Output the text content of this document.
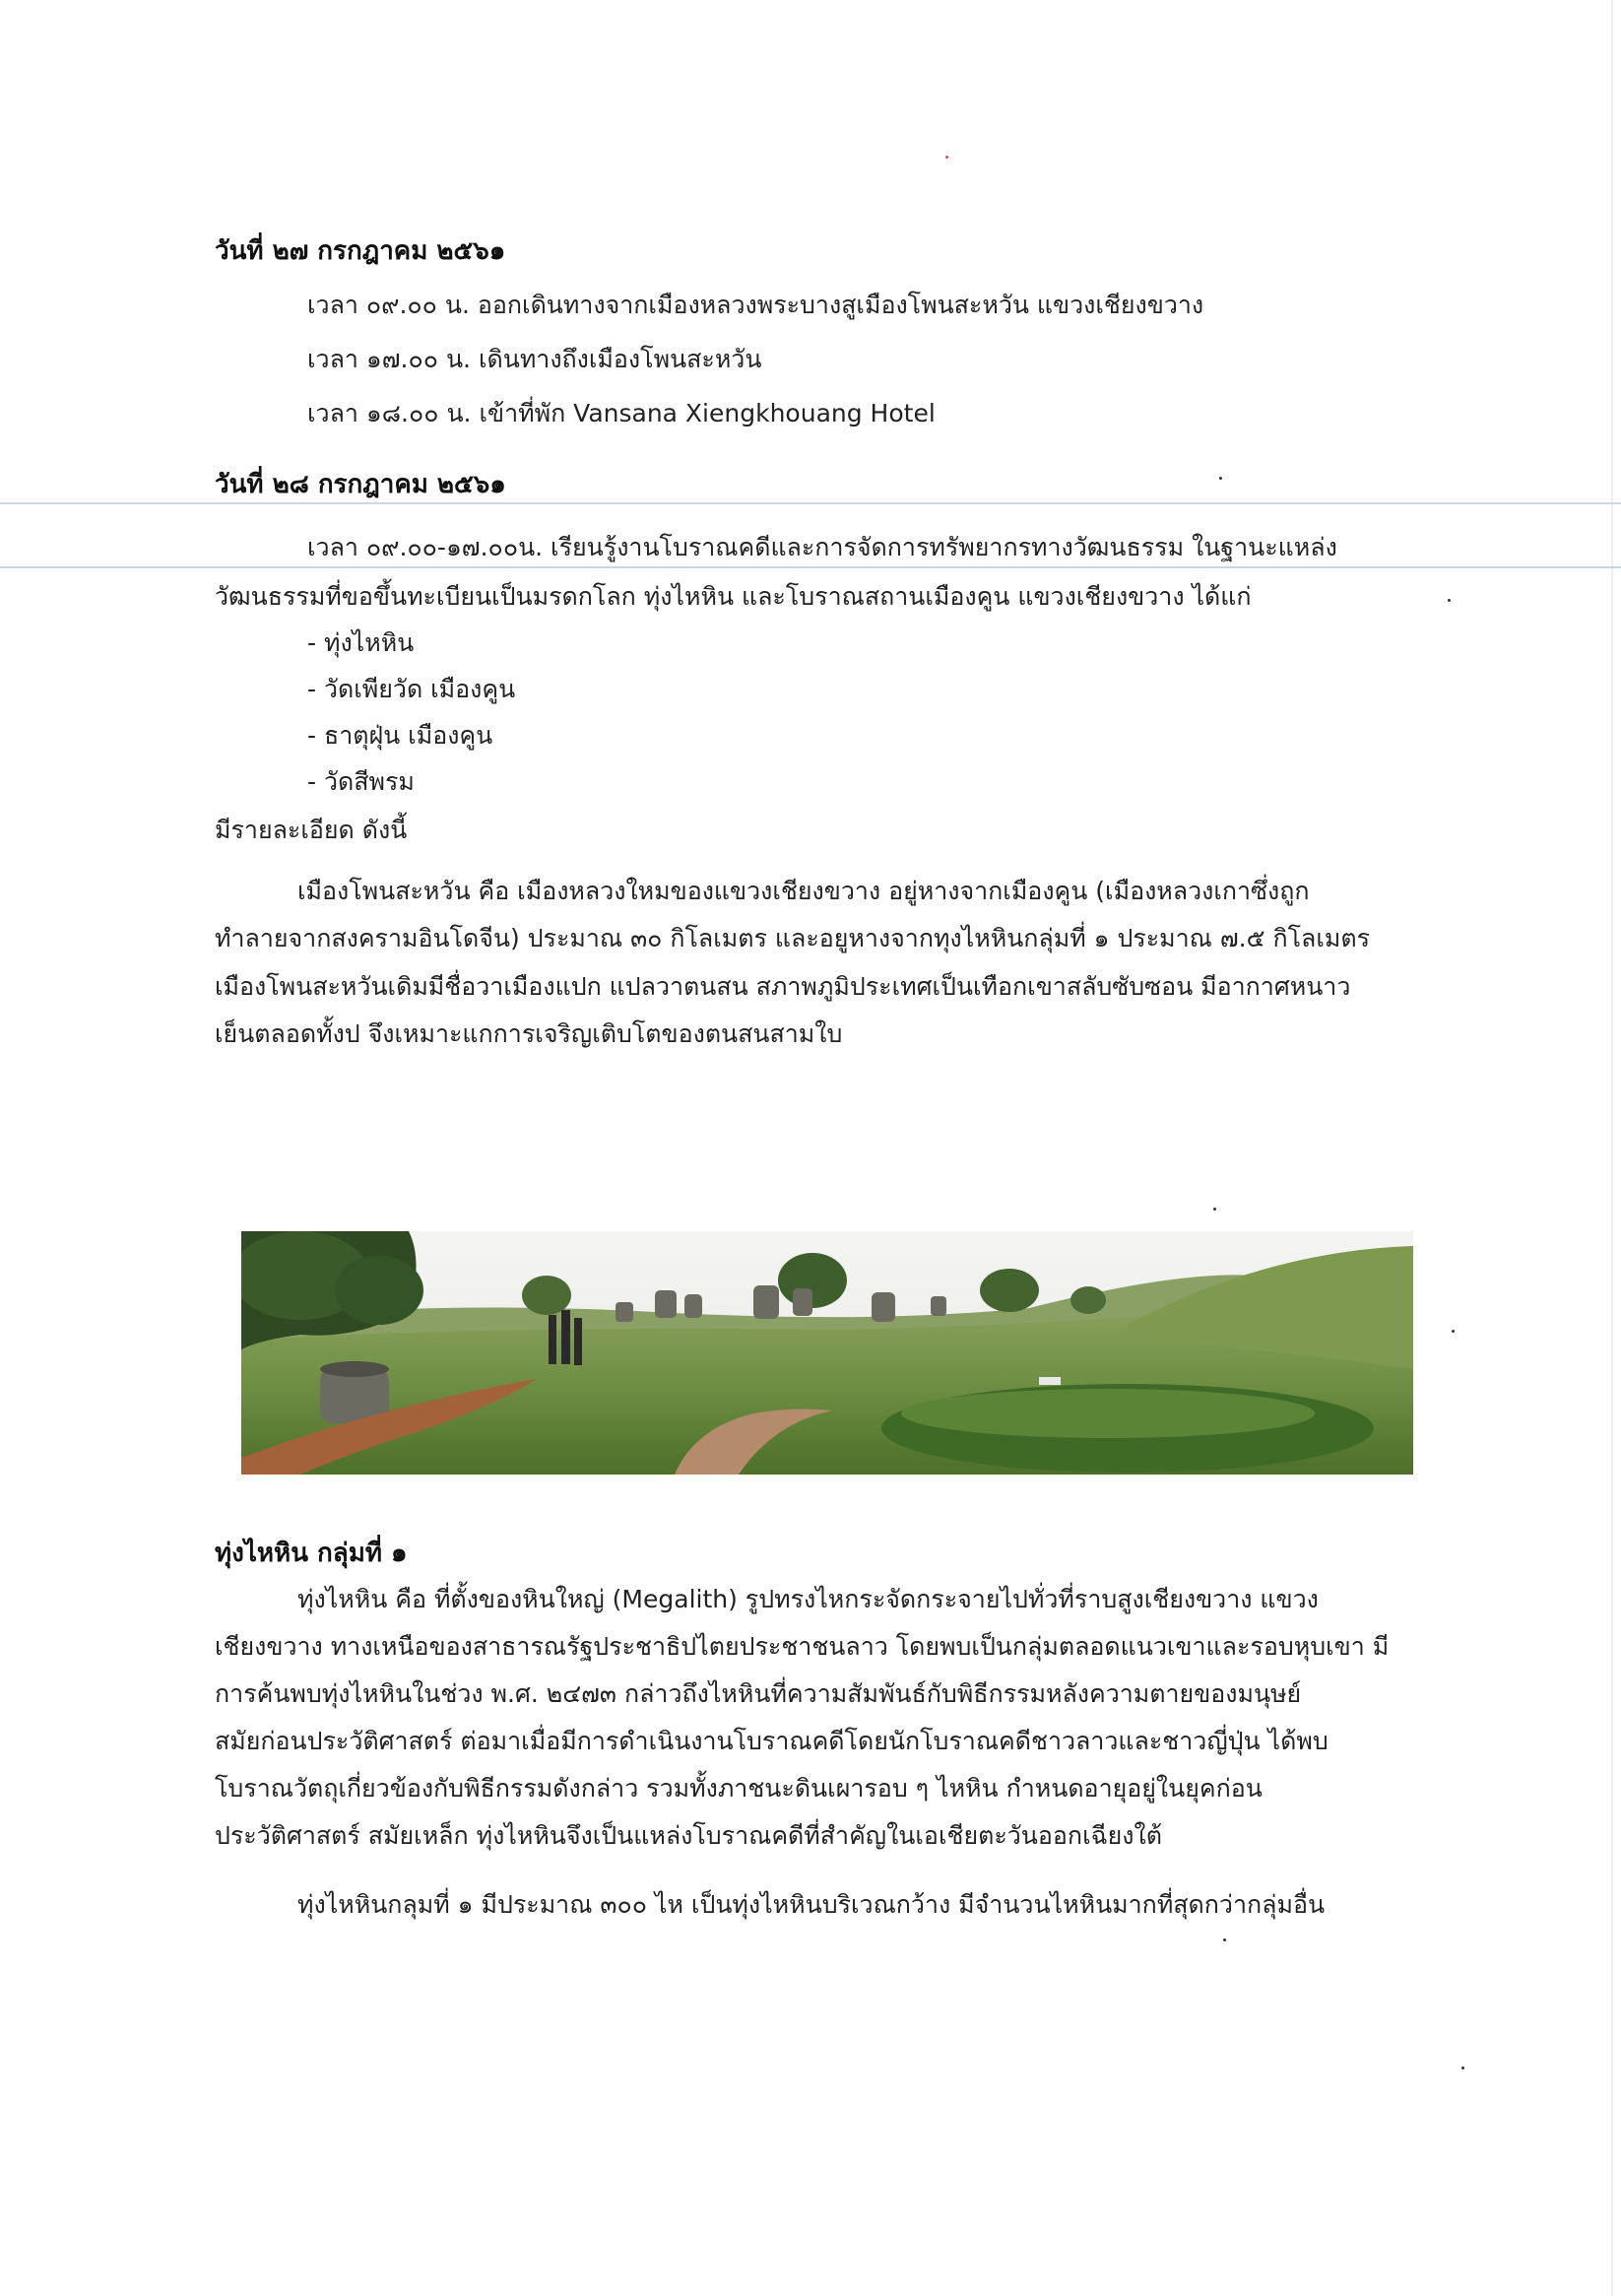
วันที่ ๒๗ กรกฎาคม ๒๕๖๑
เวลา ๐๙.๐๐ น. ออกเดินทางจากเมืองหลวงพระบางสูเมืองโพนสะหวัน แขวงเชียงขวาง
เวลา ๑๗.๐๐ น. เดินทางถึงเมืองโพนสะหวัน
เวลา ๑๘.๐๐ น. เข้าที่พัก Vansana Xiengkhouang Hotel
วันที่ ๒๘ กรกฎาคม ๒๕๖๑
เวลา ๐๙.๐๐-๑๗.๐๐น. เรียนรู้งานโบราณคดีและการจัดการทรัพยากรทางวัฒนธรรม ในฐานะแหล่ง
วัฒนธรรมที่ขอขึ้นทะเบียนเป็นมรดกโลก ทุ่งไหหิน และโบราณสถานเมืองคูน แขวงเชียงขวาง ได้แก่
- ทุ่งไหหิน
- วัดเพียวัด เมืองคูน
- ธาตุฝุ่น เมืองคูน
- วัดสีพรม
มีรายละเอียด ดังนี้
เมืองโพนสะหวัน คือ เมืองหลวงใหมของแขวงเชียงขวาง อยู่หางจากเมืองคูน (เมืองหลวงเกาซึ่งถูก
ทำลายจากสงครามอินโดจีน) ประมาณ ๓๐ กิโลเมตร และอยูหางจากทุงไหหินกลุ่มที่ ๑ ประมาณ ๗.๕ กิโลเมตร
เมืองโพนสะหวันเดิมมีชื่อวาเมืองแปก แปลวาตนสน สภาพภูมิประเทศเป็นเทือกเขาสลับซับซอน มีอากาศหนาว
เย็นตลอดทั้งป จึงเหมาะแกการเจริญเติบโตของตนสนสามใบ
ทุ่งไหหิน กลุ่มที่ ๑
ทุ่งไหหิน คือ ที่ตั้งของหินใหญ่ (Megalith) รูปทรงไหกระจัดกระจายไปทั่วที่ราบสูงเชียงขวาง แขวง
เชียงขวาง ทางเหนือของสาธารณรัฐประชาธิปไตยประชาชนลาว โดยพบเป็นกลุ่มตลอดแนวเขาและรอบหุบเขา มี
การค้นพบทุ่งไหหินในช่วง พ.ศ. ๒๔๗๓ กล่าวถึงไหหินที่ความสัมพันธ์กับพิธีกรรมหลังความตายของมนุษย์
สมัยก่อนประวัติศาสตร์ ต่อมาเมื่อมีการดำเนินงานโบราณคดีโดยนักโบราณคดีชาวลาวและชาวญี่ปุ่น ได้พบ
โบราณวัตถุเกี่ยวข้องกับพิธีกรรมดังกล่าว รวมทั้งภาชนะดินเผารอบ ๆ ไหหิน กำหนดอายุอยู่ในยุคก่อน
ประวัติศาสตร์ สมัยเหล็ก ทุ่งไหหินจึงเป็นแหล่งโบราณคดีที่สำคัญในเอเชียตะวันออกเฉียงใต้
ทุ่งไหหินกลุมที่ ๑ มีประมาณ ๓๐๐ ไห เป็นทุ่งไหหินบริเวณกว้าง มีจำนวนไหหินมากที่สุดกว่ากลุ่มอื่น
